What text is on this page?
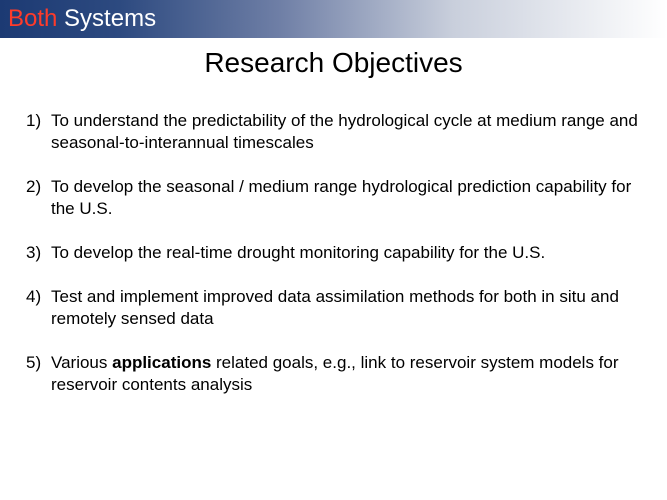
Both Systems
Research Objectives
1) To understand the predictability of the hydrological cycle at medium range and seasonal-to-interannual timescales
2) To develop the seasonal / medium range hydrological prediction capability for the U.S.
3) To develop the real-time drought monitoring capability for the U.S.
4) Test and implement improved data assimilation methods for both in situ and remotely sensed data
5) Various applications related goals, e.g., link to reservoir system models for reservoir contents analysis
